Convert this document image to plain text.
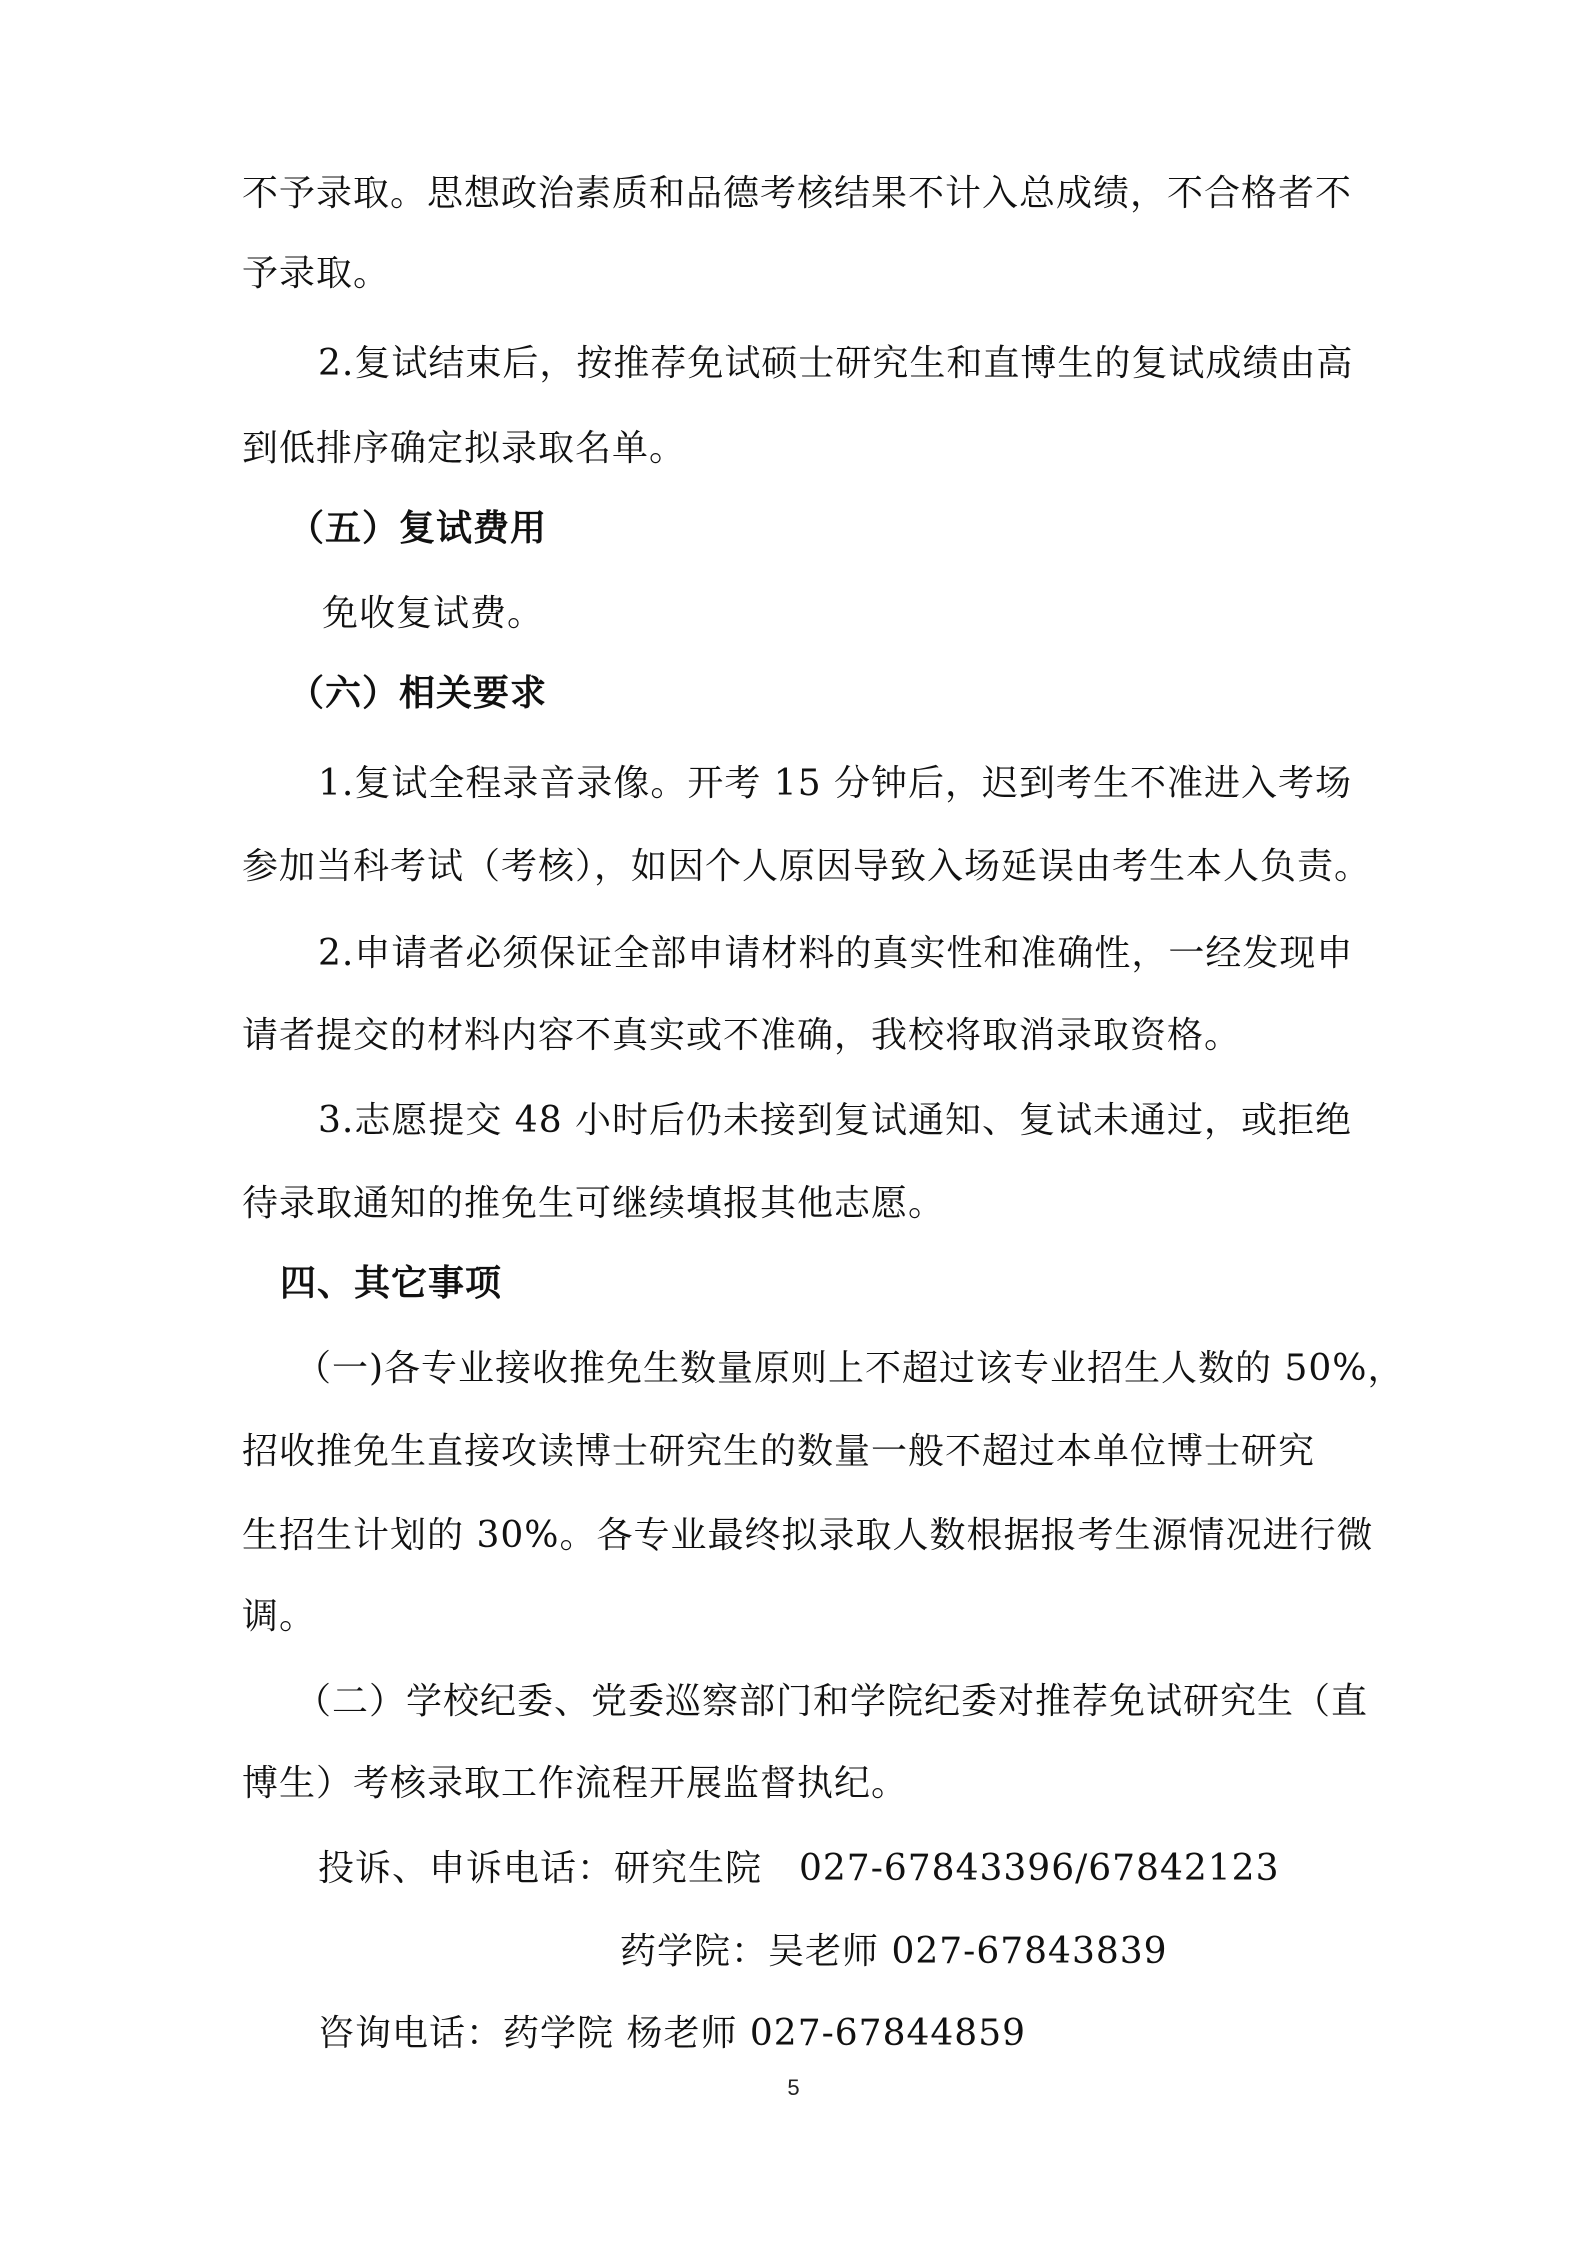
不予录取。思想政治素质和品德考核结果不计入总成绩，不合格者不
予录取。
2.复试结束后，按推荐免试硕士研究生和直博生的复试成绩由高
到低排序确定拟录取名单。
（五）复试费用
免收复试费。
（六）相关要求
1.复试全程录音录像。开考 15 分钟后，迟到考生不准进入考场
参加当科考试（考核），如因个人原因导致入场延误由考生本人负责。
2.申请者必须保证全部申请材料的真实性和准确性，一经发现申
请者提交的材料内容不真实或不准确，我校将取消录取资格。
3.志愿提交 48 小时后仍未接到复试通知、复试未通过，或拒绝
待录取通知的推免生可继续填报其他志愿。
四、其它事项
（一)各专业接收推免生数量原则上不超过该专业招生人数的 50%，
招收推免生直接攻读博士研究生的数量一般不超过本单位博士研究
生招生计划的 30%。各专业最终拟录取人数根据报考生源情况进行微
调。
（二）学校纪委、党委巡察部门和学院纪委对推荐免试研究生（直
博生）考核录取工作流程开展监督执纪。
投诉、申诉电话：研究生院　027-67843396/67842123
药学院：吴老师 027-67843839
咨询电话：药学院 杨老师 027-67844859
5
